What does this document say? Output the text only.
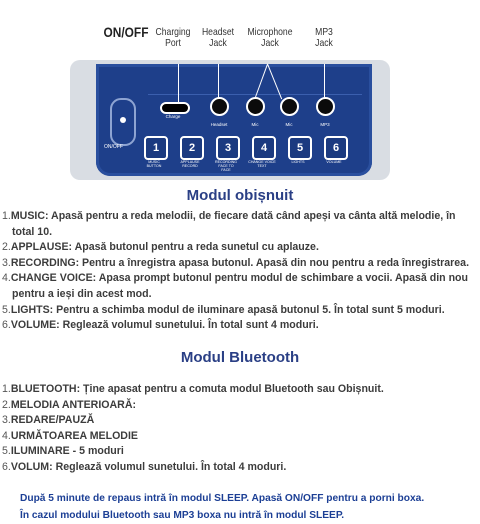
ON/OFF Charging
Port
Headset
Jack
Microphone
Jack
MP3
Jack
ON/OFF
Charge
Headset	Mic	Mic	MP3
1	2	3	4	5	6
MUSIC
BUTTON
APPLAUSE
RECORD
RECORDING
FACE TO
FACE
CHANGE VOICE
TEXT
LIGHTS	VOLUME
Modul obișnuit
1.MUSIC: Apasă pentru a reda melodii, de fiecare dată când apeși va cânta altă melodie, în
total 10.
2.APPLAUSE: Apasă butonul pentru a reda sunetul cu aplauze.
3.RECORDING: Pentru a înregistra apasa butonul. Apasă din nou pentru a reda înregistrarea.
4.CHANGE VOICE: Apasa prompt butonul pentru modul de schimbare a vocii. Apasă din nou
pentru a ieși din acest mod.
5.LIGHTS: Pentru a schimba modul de iluminare apasă butonul 5. În total sunt 5 moduri.
6.VOLUME: Reglează volumul sunetului. În total sunt 4 moduri.
Modul Bluetooth
1.BLUETOOTH: Ține apasat pentru a comuta modul Bluetooth sau Obișnuit.
2.MELODIA ANTERIOARĂ:
3.REDARE/PAUZĂ
4.URMĂTOAREA MELODIE
5.ILUMINARE - 5 moduri
6.VOLUM: Reglează volumul sunetului. În total 4 moduri.
După 5 minute de repaus intră în modul SLEEP. Apasă ON/OFF pentru a porni boxa.
În cazul modului Bluetooth sau MP3 boxa nu intră în modul SLEEP.
